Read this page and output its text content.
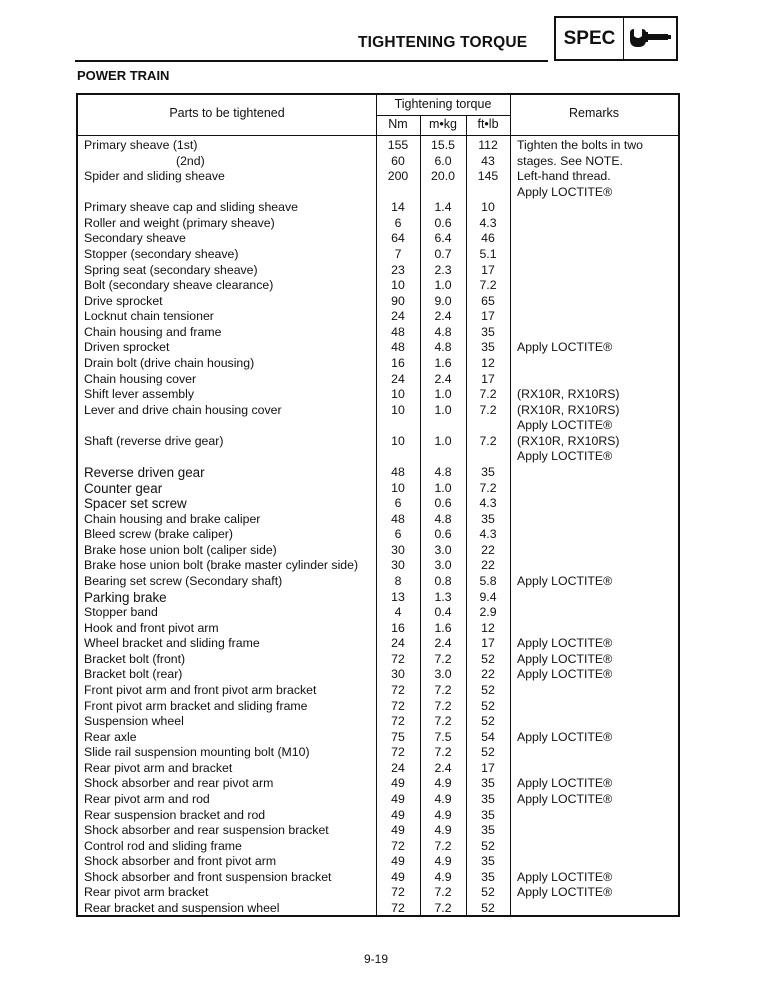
TIGHTENING TORQUE	SPEC
POWER TRAIN
Parts to be tightened
Tightening torque
Nm	m•kg	ft•lb
Remarks
Primary sheave (1st)	155	15.5	112	Tighten the bolts in two
(2nd)	60	6.0	43	stages. See NOTE.
Spider and sliding sheave	200	20.0	145	Left-hand thread.
Apply LOCTITE®
Primary sheave cap and sliding sheave	14	1.4	10
Roller and weight (primary sheave)	6	0.6	4.3
Secondary sheave	64	6.4	46
Stopper (secondary sheave)	7	0.7	5.1
Spring seat (secondary sheave)	23	2.3	17
Bolt (secondary sheave clearance)	10	1.0	7.2
Drive sprocket	90	9.0	65
Locknut chain tensioner	24	2.4	17
Chain housing and frame	48	4.8	35
Driven sprocket	48	4.8	35	Apply LOCTITE®
Drain bolt (drive chain housing)	16	1.6	12
Chain housing cover	24	2.4	17
Shift lever assembly	10	1.0	7.2	(RX10R, RX10RS)
Lever and drive chain housing cover	10	1.0	7.2	(RX10R, RX10RS)
Apply LOCTITE®
Shaft (reverse drive gear)	10	1.0	7.2	(RX10R, RX10RS)
Apply LOCTITE®
Reverse driven gear	48	4.8	35
Counter gear	10	1.0	7.2
Spacer set screw	6	0.6	4.3
Chain housing and brake caliper	48	4.8	35
Bleed screw (brake caliper)	6	0.6	4.3
Brake hose union bolt (caliper side)	30	3.0	22
Brake hose union bolt (brake master cylinder side)	30	3.0	22
Bearing set screw (Secondary shaft)	8	0.8	5.8	Apply LOCTITE®
Parking brake	13	1.3	9.4
Stopper band	4	0.4	2.9
Hook and front pivot arm	16	1.6	12
Wheel bracket and sliding frame	24	2.4	17	Apply LOCTITE®
Bracket bolt (front)	72	7.2	52	Apply LOCTITE®
Bracket bolt (rear)	30	3.0	22	Apply LOCTITE®
Front pivot arm and front pivot arm bracket	72	7.2	52
Front pivot arm bracket and sliding frame	72	7.2	52
Suspension wheel	72	7.2	52
Rear axle	75	7.5	54	Apply LOCTITE®
Slide rail suspension mounting bolt (M10)	72	7.2	52
Rear pivot arm and bracket	24	2.4	17
Shock absorber and rear pivot arm	49	4.9	35	Apply LOCTITE®
Rear pivot arm and rod	49	4.9	35	Apply LOCTITE®
Rear suspension bracket and rod	49	4.9	35
Shock absorber and rear suspension bracket	49	4.9	35
Control rod and sliding frame	72	7.2	52
Shock absorber and front pivot arm	49	4.9	35
Shock absorber and front suspension bracket	49	4.9	35	Apply LOCTITE®
Rear pivot arm bracket	72	7.2	52	Apply LOCTITE®
Rear bracket and suspension wheel	72	7.2	52
9-19
